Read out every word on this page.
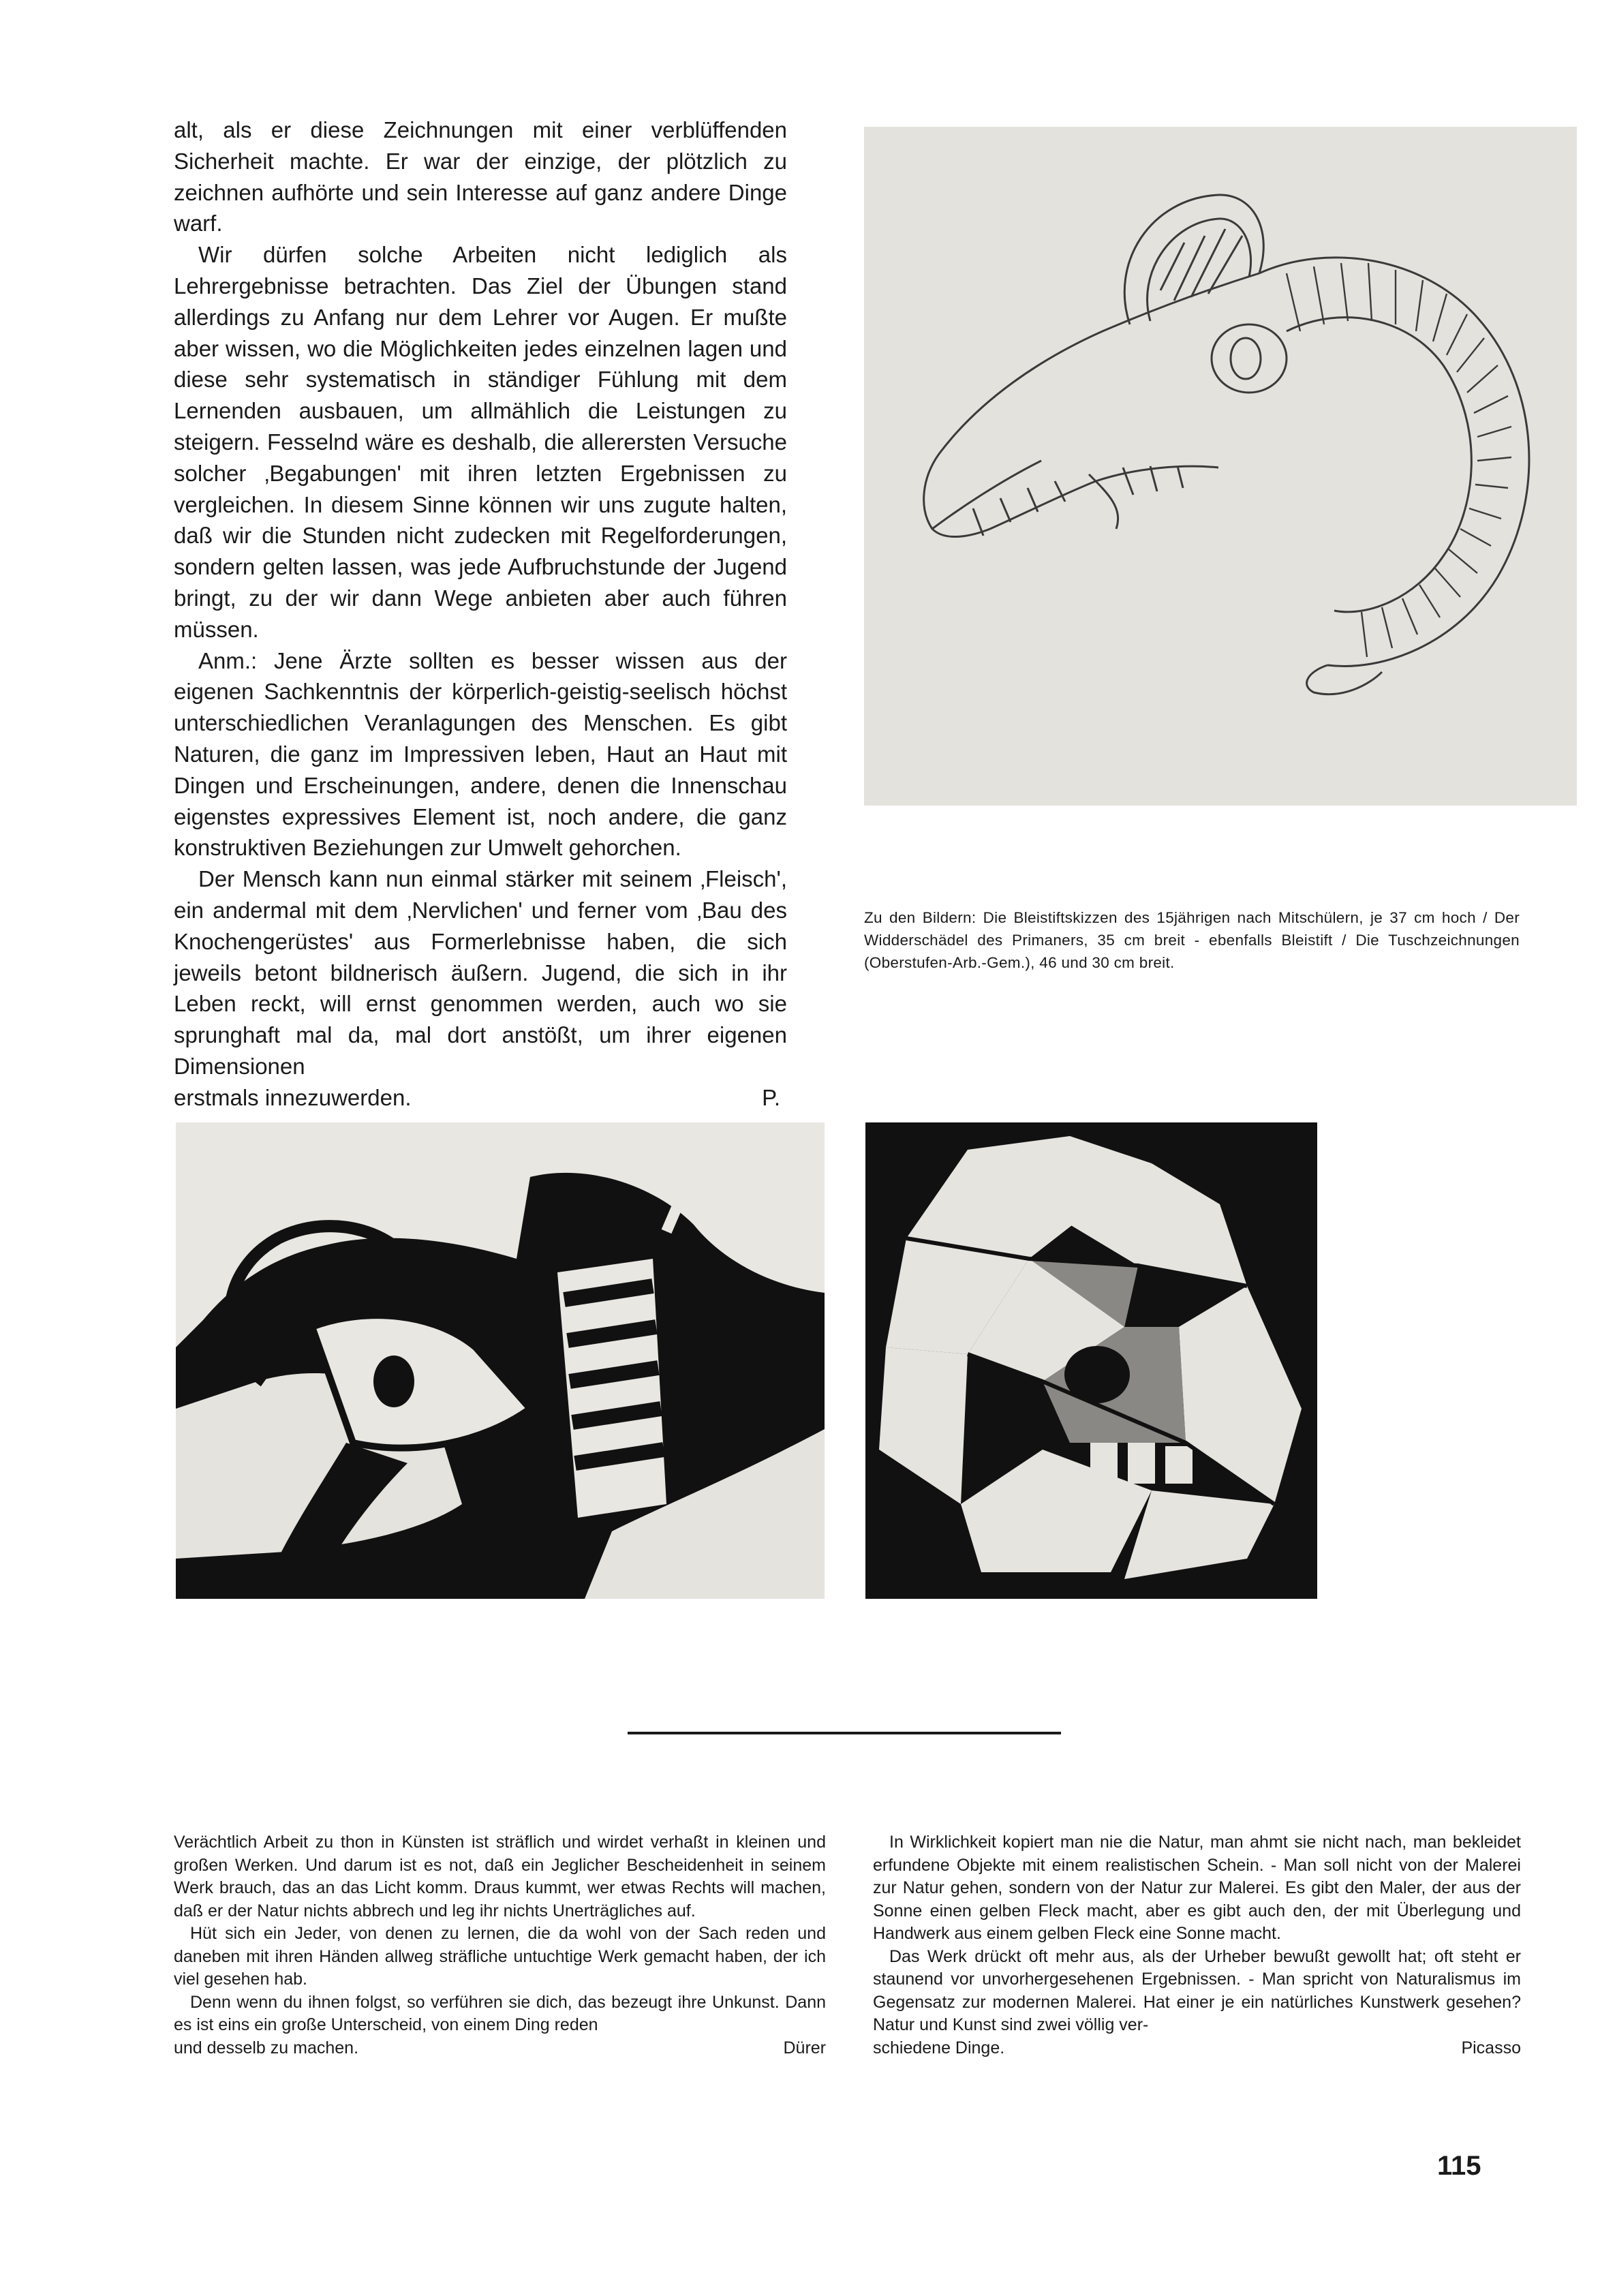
alt, als er diese Zeichnungen mit einer verblüffenden Sicherheit machte. Er war der einzige, der plötzlich zu zeichnen aufhörte und sein Interesse auf ganz andere Dinge warf.

Wir dürfen solche Arbeiten nicht lediglich als Lehrergebnisse betrachten. Das Ziel der Übungen stand allerdings zu Anfang nur dem Lehrer vor Augen. Er mußte aber wissen, wo die Möglichkeiten jedes einzelnen lagen und diese sehr systematisch in ständiger Fühlung mit dem Lernenden ausbauen, um allmählich die Leistungen zu steigern. Fesselnd wäre es deshalb, die allerersten Versuche solcher ‚Begabungen' mit ihren letzten Ergebnissen zu vergleichen. In diesem Sinne können wir uns zugute halten, daß wir die Stunden nicht zudecken mit Regelforderungen, sondern gelten lassen, was jede Aufbruchstunde der Jugend bringt, zu der wir dann Wege anbieten aber auch führen müssen.

Anm.: Jene Ärzte sollten es besser wissen aus der eigenen Sachkenntnis der körperlich-geistig-seelisch höchst unterschiedlichen Veranlagungen des Menschen. Es gibt Naturen, die ganz im Impressiven leben, Haut an Haut mit Dingen und Erscheinungen, andere, denen die Innenschau eigenstes expressives Element ist, noch andere, die ganz konstruktiven Beziehungen zur Umwelt gehorchen.

Der Mensch kann nun einmal stärker mit seinem ‚Fleisch', ein andermal mit dem ‚Nervlichen' und ferner vom ‚Bau des Knochengerüstes' aus Formerlebnisse haben, die sich jeweils betont bildnerisch äußern. Jugend, die sich in ihr Leben reckt, will ernst genommen werden, auch wo sie sprunghaft mal da, mal dort anstößt, um ihrer eigenen Dimensionen

erstmals innezuwerden.	P.
Zu den Bildern: Die Bleistiftskizzen des 15jährigen nach Mitschülern, je 37 cm hoch / Der Widderschädel des Primaners, 35 cm breit - ebenfalls Bleistift / Die Tuschzeichnungen (Oberstufen-Arb.-Gem.), 46 und 30 cm breit.

Verächtlich Arbeit zu thon in Künsten ist sträflich und wirdet verhaßt in kleinen und großen Werken. Und darum ist es not, daß ein Jeglicher Bescheidenheit in seinem Werk brauch, das an das Licht komm. Draus kummt, wer etwas Rechts will machen, daß er der Natur nichts abbrech und leg ihr nichts Unerträgliches auf.

Hüt sich ein Jeder, von denen zu lernen, die da wohl von der Sach reden und daneben mit ihren Händen allweg sträfliche untuchtige Werk gemacht haben, der ich viel gesehen hab.

Denn wenn du ihnen folgst, so verführen sie dich, das bezeugt ihre Unkunst. Dann es ist eins ein große Unterscheid, von einem Ding reden

und desselb zu machen.	Dürer

In Wirklichkeit kopiert man nie die Natur, man ahmt sie nicht nach, man bekleidet erfundene Objekte mit einem realistischen Schein. - Man soll nicht von der Malerei zur Natur gehen, sondern von der Natur zur Malerei. Es gibt den Maler, der aus der Sonne einen gelben Fleck macht, aber es gibt auch den, der mit Überlegung und Handwerk aus einem gelben Fleck eine Sonne macht.

Das Werk drückt oft mehr aus, als der Urheber bewußt gewollt hat; oft steht er staunend vor unvorhergesehenen Ergebnissen. - Man spricht von Naturalismus im Gegensatz zur modernen Malerei. Hat einer je ein natürliches Kunstwerk gesehen? Natur und Kunst sind zwei völlig ver-

schiedene Dinge.	Picasso
115
